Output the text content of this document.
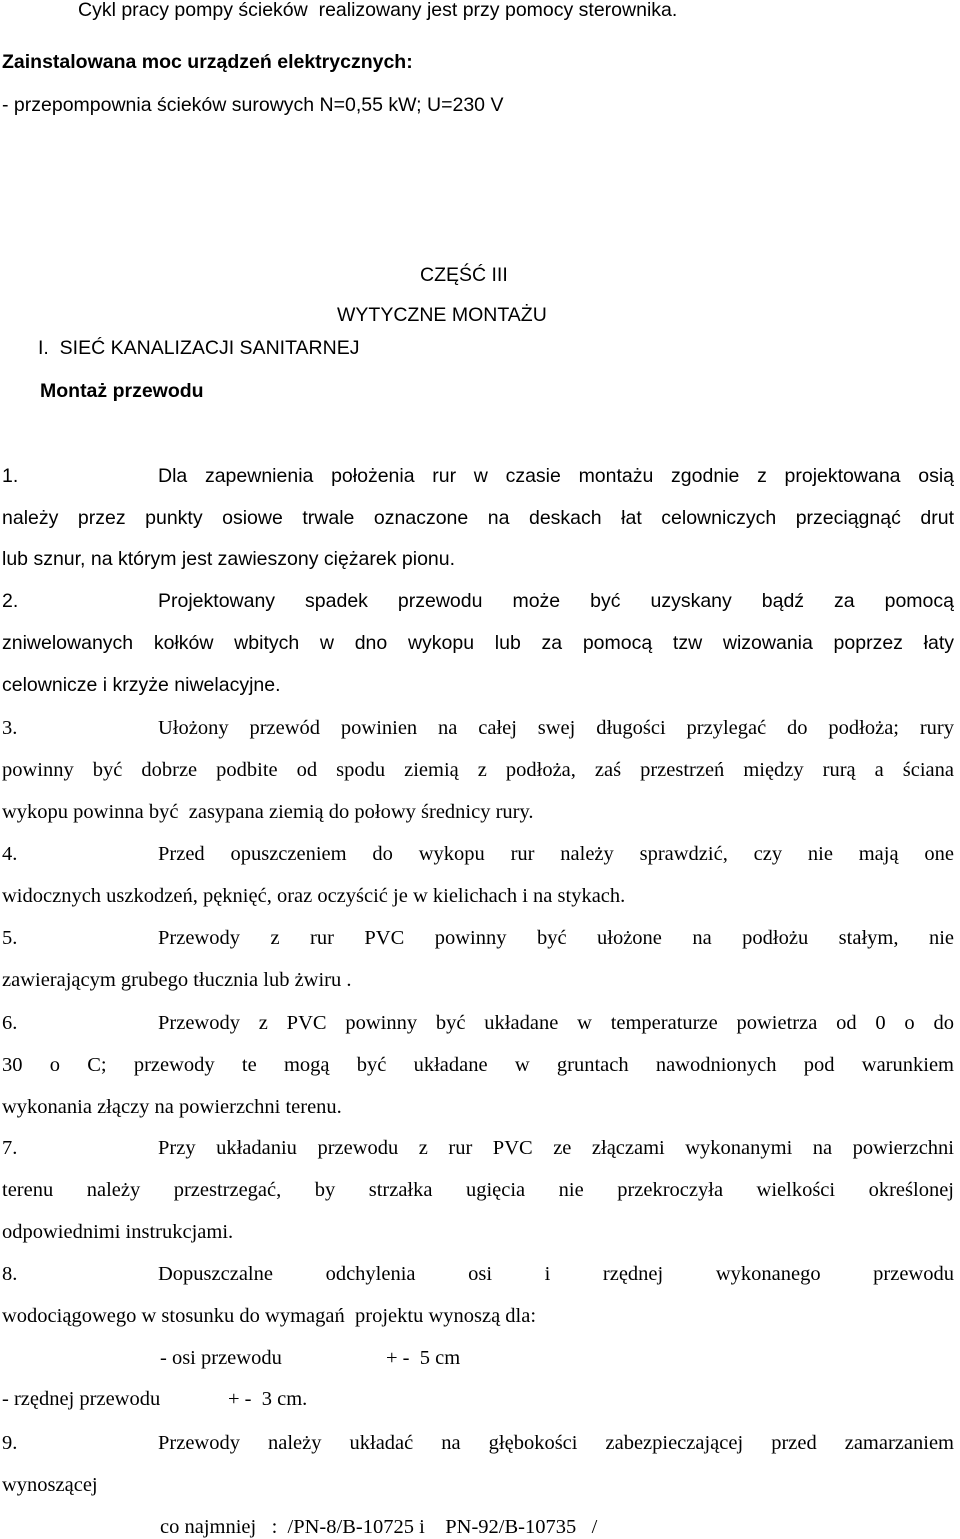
Cykl pracy pompy ścieków  realizowany jest przy pomocy sterownika.
Zainstalowana moc urządzeń elektrycznych:
- przepompownia ścieków surowych N=0,55 kW; U=230 V
CZĘŚĆ III
WYTYCZNE MONTAŻU
I.  SIEĆ KANALIZACJI SANITARNEJ
Montaż przewodu
1.	Dla zapewnienia położenia rur w czasie montażu zgodnie z projektowana osią
należy przez punkty osiowe trwale oznaczone na deskach łat celowniczych przeciągnąć drut
lub sznur, na którym jest zawieszony ciężarek pionu.
2.	Projektowany spadek przewodu może być uzyskany bądź za pomocą
zniwelowanych kołków wbitych w dno wykopu lub za pomocą tzw wizowania poprzez łaty
celownicze i krzyże niwelacyjne.
3.	Ułożony przewód powinien na całej swej długości przylegać do podłoża; rury
powinny być dobrze podbite od spodu ziemią z podłoża, zaś przestrzeń między rurą a ściana
wykopu powinna być  zasypana ziemią do połowy średnicy rury.
4.	Przed opuszczeniem do wykopu rur należy sprawdzić, czy nie mają one
widocznych uszkodzeń, pęknięć, oraz oczyścić je w kielichach i na stykach.
5.	Przewody z rur PVC powinny być ułożone na podłożu stałym, nie
zawierającym grubego tłucznia lub żwiru .
6.	Przewody z PVC powinny być układane w temperaturze powietrza od 0 o do
30 o C; przewody te mogą być układane w gruntach nawodnionych pod warunkiem
wykonania złączy na powierzchni terenu.
7.	Przy układaniu przewodu z rur PVC ze złączami wykonanymi na powierzchni
terenu należy przestrzegać, by strzałka ugięcia nie przekroczyła wielkości określonej
odpowiednimi instrukcjami.
8.	Dopuszczalne odchylenia osi i rzędnej wykonanego przewodu
wodociągowego w stosunku do wymagań  projektu wynoszą dla:
- osi przewodu	+ -  5 cm
- rzędnej przewodu	+ -  3 cm.
9.	Przewody należy układać na głębokości zabezpieczającej przed zamarzaniem
wynoszącej
co najmniej   :  /PN-8/B-10725 i    PN-92/B-10735   /
